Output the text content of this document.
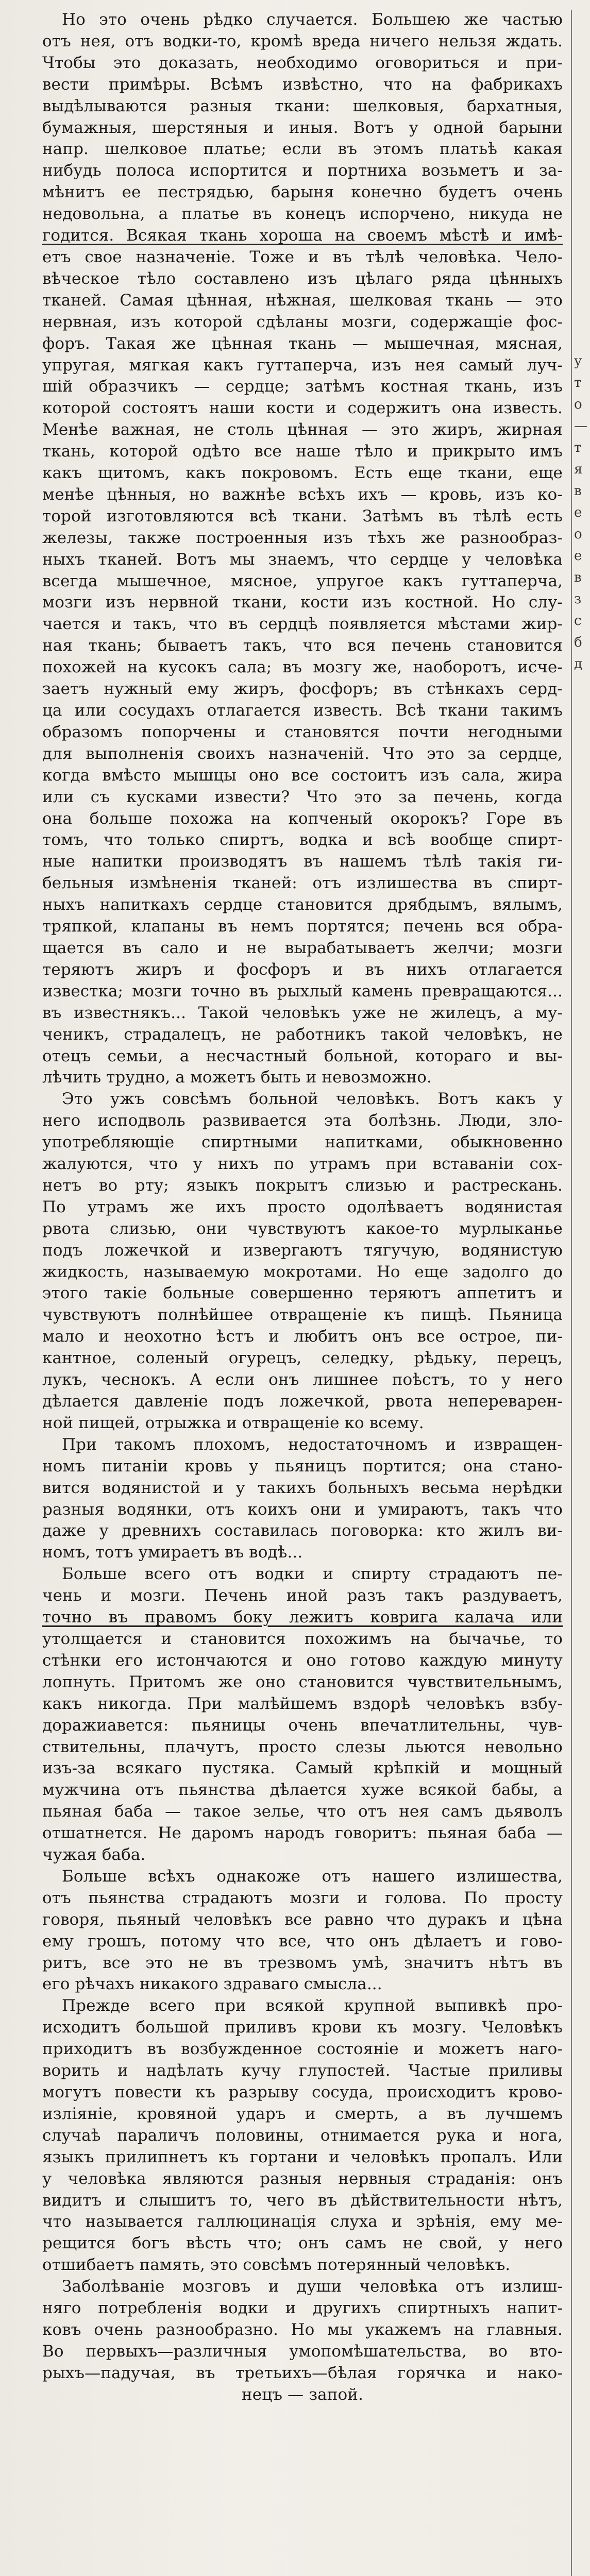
Но это очень рѣдко случается. Большею же частью
отъ нея, отъ водки-то, кромѣ вреда ничего нельзя ждать.
Чтобы это доказать, необходимо оговориться и при-
вести примѣры. Всѣмъ извѣстно, что на фабрикахъ
выдѣлываются разныя ткани: шелковыя, бархатныя,
бумажныя, шерстяныя и иныя. Вотъ у одной барыни
напр. шелковое платье; если въ этомъ платьѣ какая
нибудь полоса испортится и портниха возьметъ и за-
мѣнитъ ее пестрядью, барыня конечно будетъ очень
недовольна, а платье въ конецъ испорчено, никуда не
годится. Всякая ткань хороша на своемъ мѣстѣ и имѣ-
етъ свое назначеніе. Тоже и въ тѣлѣ человѣка. Чело-
вѣческое тѣло составлено изъ цѣлаго ряда цѣнныхъ
тканей. Самая цѣнная, нѣжная, шелковая ткань — это
нервная, изъ которой сдѣланы мозги, содержащіе фос-
форъ. Такая же цѣнная ткань — мышечная, мясная,
упругая, мягкая какъ гуттаперча, изъ нея самый луч-
шій образчикъ — сердце; затѣмъ костная ткань, изъ
которой состоятъ наши кости и содержитъ она известь.
Менѣе важная, не столь цѣнная — это жиръ, жирная
ткань, которой одѣто все наше тѣло и прикрыто имъ
какъ щитомъ, какъ покровомъ. Есть еще ткани, еще
менѣе цѣнныя, но важнѣе всѣхъ ихъ — кровь, изъ ко-
торой изготовляются всѣ ткани. Затѣмъ въ тѣлѣ есть
железы, также построенныя изъ тѣхъ же разнообраз-
ныхъ тканей. Вотъ мы знаемъ, что сердце у человѣка
всегда мышечное, мясное, упругое какъ гуттаперча,
мозги изъ нервной ткани, кости изъ костной. Но слу-
чается и такъ, что въ сердцѣ появляется мѣстами жир-
ная ткань; бываетъ такъ, что вся печень становится
похожей на кусокъ сала; въ мозгу же, наоборотъ, исче-
заетъ нужный ему жиръ, фосфоръ; въ стѣнкахъ серд-
ца или сосудахъ отлагается известь. Всѣ ткани такимъ
образомъ попорчены и становятся почти негодными
для выполненія своихъ назначеній. Что это за сердце,
когда вмѣсто мышцы оно все состоитъ изъ сала, жира
или съ кусками извести? Что это за печень, когда
она больше похожа на копченый окорокъ? Горе въ
томъ, что только спиртъ, водка и всѣ вообще спирт-
ные напитки производятъ въ нашемъ тѣлѣ такія ги-
бельныя измѣненія тканей: отъ излишества въ спирт-
ныхъ напиткахъ сердце становится дрябдымъ, вялымъ,
тряпкой, клапаны въ немъ портятся; печень вся обра-
щается въ сало и не вырабатываетъ желчи; мозги
теряютъ жиръ и фосфоръ и въ нихъ отлагается
известка; мозги точно въ рыхлый камень превращаются...
въ известнякъ... Такой человѣкъ уже не жилецъ, а му-
ченикъ, страдалецъ, не работникъ такой человѣкъ, не
отецъ семьи, а несчастный больной, котораго и вы-
лѣчить трудно, а можетъ быть и невозможно.
Это ужъ совсѣмъ больной человѣкъ. Вотъ какъ у
него исподволь развивается эта болѣзнь. Люди, зло-
употребляющіе спиртными напитками, обыкновенно
жалуются, что у нихъ по утрамъ при вставаніи сох-
нетъ во рту; языкъ покрытъ слизью и растрескань.
По утрамъ же ихъ просто одолѣваетъ водянистая
рвота слизью, они чувствуютъ какое-то мурлыканье
подъ ложечкой и извергаютъ тягучую, водянистую
жидкость, называемую мокротами. Но еще задолго до
этого такіе больные совершенно теряютъ аппетитъ и
чувствуютъ полнѣйшее отвращеніе къ пищѣ. Пьяница
мало и неохотно ѣстъ и любитъ онъ все острое, пи-
кантное, соленый огурецъ, селедку, рѣдьку, перецъ,
лукъ, чеснокъ. А если онъ лишнее поѣстъ, то у него
дѣлается давленіе подъ ложечкой, рвота непереварен-
ной пищей, отрыжка и отвращеніе ко всему.
При такомъ плохомъ, недостаточномъ и извращен-
номъ питаніи кровь у пьяницъ портится; она стано-
вится водянистой и у такихъ больныхъ весьма нерѣдки
разныя водянки, отъ коихъ они и умираютъ, такъ что
даже у древнихъ составилась поговорка: кто жилъ ви-
номъ, тотъ умираетъ въ водѣ...
Больше всего отъ водки и спирту страдаютъ пе-
чень и мозги. Печень иной разъ такъ раздуваетъ,
точно въ правомъ боку лежитъ коврига калача или
утолщается и становится похожимъ на бычачье, то
стѣнки его истончаются и оно готово каждую минуту
лопнуть. Притомъ же оно становится чувствительнымъ,
какъ никогда. При малѣйшемъ вздорѣ человѣкъ взбу-
доражиавется: пьяницы очень впечатлительны, чув-
ствительны, плачутъ, просто слезы льются невольно
изъ-за всякаго пустяка. Самый крѣпкій и мощный
мужчина отъ пьянства дѣлается хуже всякой бабы, а
пьяная баба — такое зелье, что отъ нея самъ дьяволъ
отшатнется. Не даромъ народъ говоритъ: пьяная баба —
чужая баба.
Больше всѣхъ однакоже отъ нашего излишества,
отъ пьянства страдаютъ мозги и голова. По просту
говоря, пьяный человѣкъ все равно что дуракъ и цѣна
ему грошъ, потому что все, что онъ дѣлаетъ и гово-
ритъ, все это не въ трезвомъ умѣ, значитъ нѣтъ въ
его рѣчахъ никакого здраваго смысла...
Прежде всего при всякой крупной выпивкѣ про-
исходитъ большой приливъ крови къ мозгу. Человѣкъ
приходитъ въ возбужденное состояніе и можетъ наго-
ворить и надѣлать кучу глупостей. Частые приливы
могутъ повести къ разрыву сосуда, происходитъ крово-
изліяніе, кровяной ударъ и смерть, а въ лучшемъ
случаѣ параличъ половины, отнимается рука и нога,
языкъ прилипнетъ къ гортани и человѣкъ пропалъ. Или
у человѣка являются разныя нервныя страданія: онъ
видитъ и слышитъ то, чего въ дѣйствительности нѣтъ,
что называется галлюцинація слуха и зрѣнія, ему ме-
рещится богъ вѣсть что; онъ самъ не свой, у него
отшибаетъ память, это совсѣмъ потерянный человѣкъ.
Заболѣваніе мозговъ и души человѣка отъ излиш-
няго потребленія водки и другихъ спиртныхъ напит-
ковъ очень разнообразно. Но мы укажемъ на главныя.
Во первыхъ—различныя умопомѣшательства, во вто-
рыхъ—падучая, въ третьихъ—бѣлая горячка и нако-
нецъ — запой.
у
т
о
—
т
я
в
е
о
е
в
з
с
б
д
